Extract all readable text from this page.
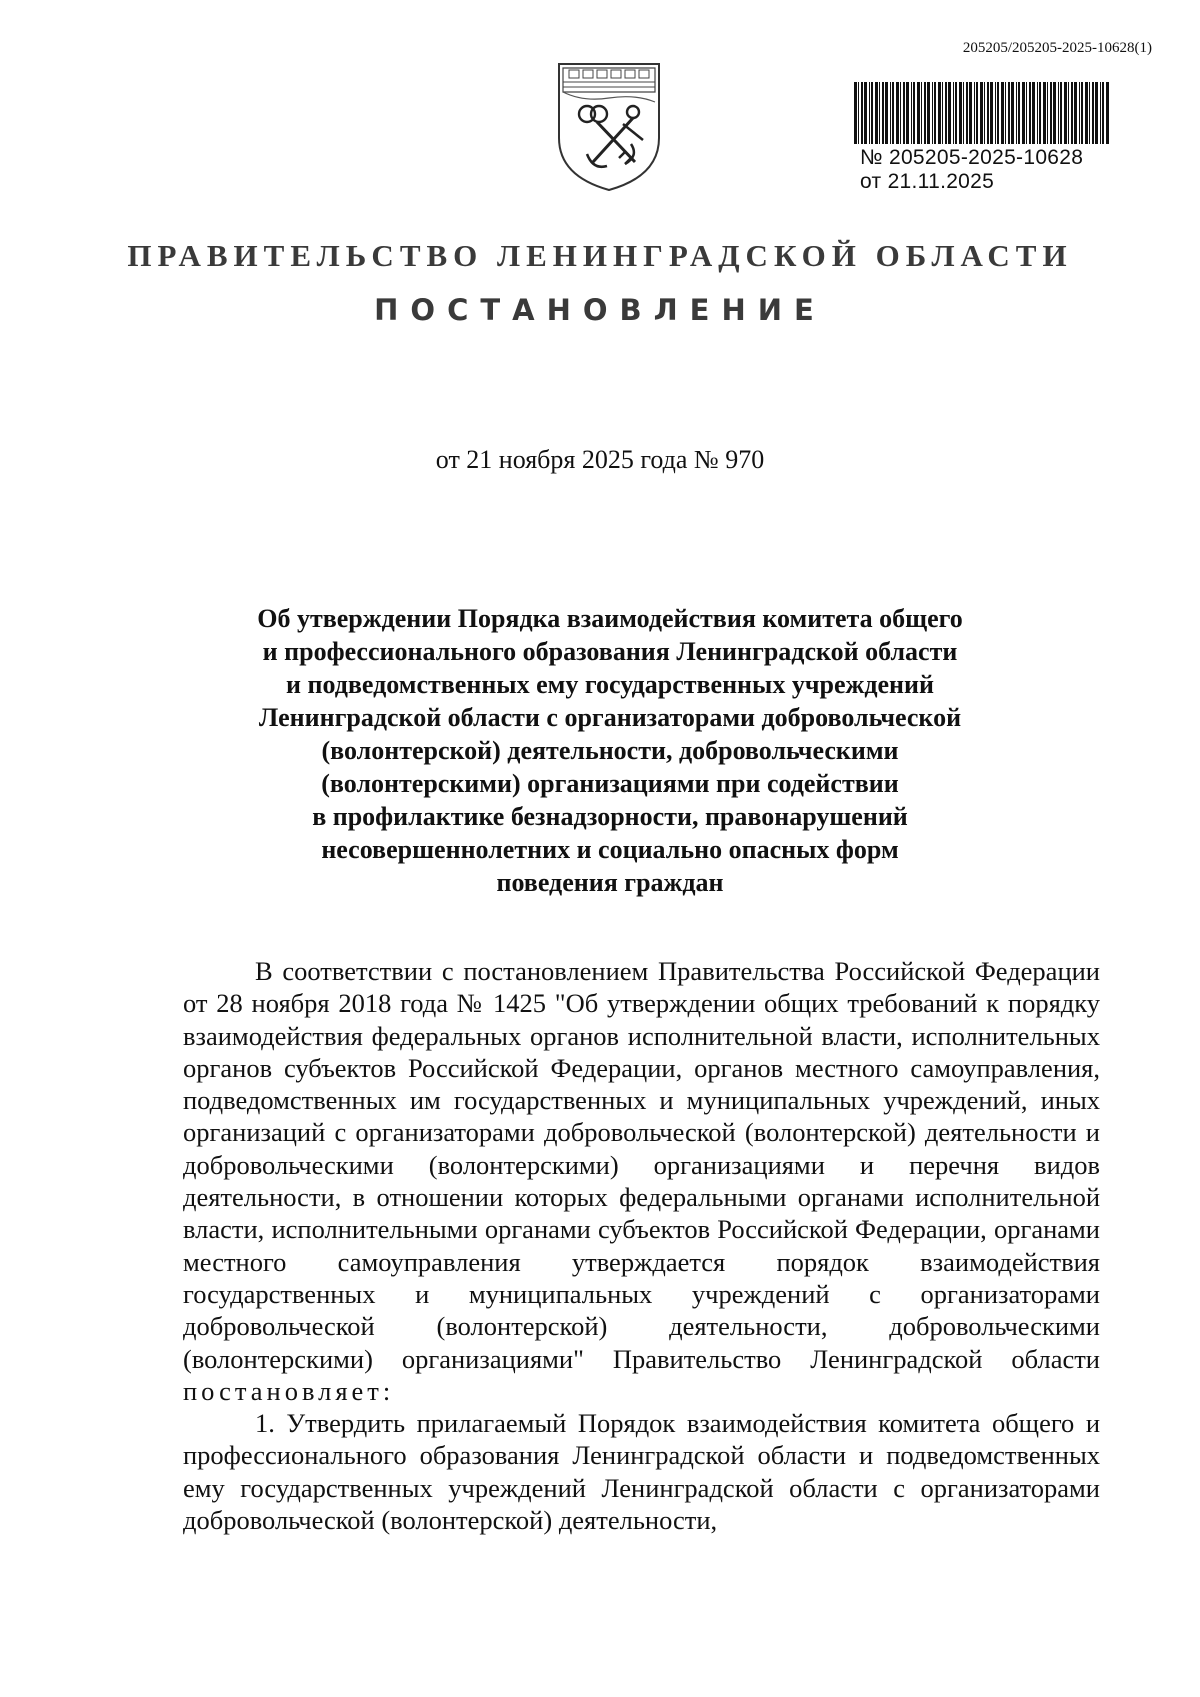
205205/205205-2025-10628(1)
№ 205205-2025-10628
от 21.11.2025
ПРАВИТЕЛЬСТВО ЛЕНИНГРАДСКОЙ ОБЛАСТИ
ПОСТАНОВЛЕНИЕ
от 21 ноября 2025 года № 970
Об утверждении Порядка взаимодействия комитета общего
и профессионального образования Ленинградской области
и подведомственных ему государственных учреждений
Ленинградской области с организаторами добровольческой
(волонтерской) деятельности, добровольческими
(волонтерскими) организациями при содействии
в профилактике безнадзорности, правонарушений
несовершеннолетних и социально опасных форм
поведения граждан

В соответствии с постановлением Правительства Российской Федерации от 28 ноября 2018 года № 1425 "Об утверждении общих требований к порядку взаимодействия федеральных органов исполнительной власти, исполнительных органов субъектов Российской Федерации, органов местного самоуправления, подведомственных им государственных и муниципальных учреждений, иных организаций с организаторами добровольческой (волонтерской) деятельности и добровольческими (волонтерскими) организациями и перечня видов деятельности, в отношении которых федеральными органами исполнительной власти, исполнительными органами субъектов Российской Федерации, органами местного самоуправления утверждается порядок взаимодействия государственных и муниципальных учреждений с организаторами добровольческой (волонтерской) деятельности, добровольческими (волонтерскими) организациями" Правительство Ленинградской области постановляет:

1. Утвердить прилагаемый Порядок взаимодействия комитета общего и профессионального образования Ленинградской области и подведомственных ему государственных учреждений Ленинградской области с организаторами добровольческой (волонтерской) деятельности,
